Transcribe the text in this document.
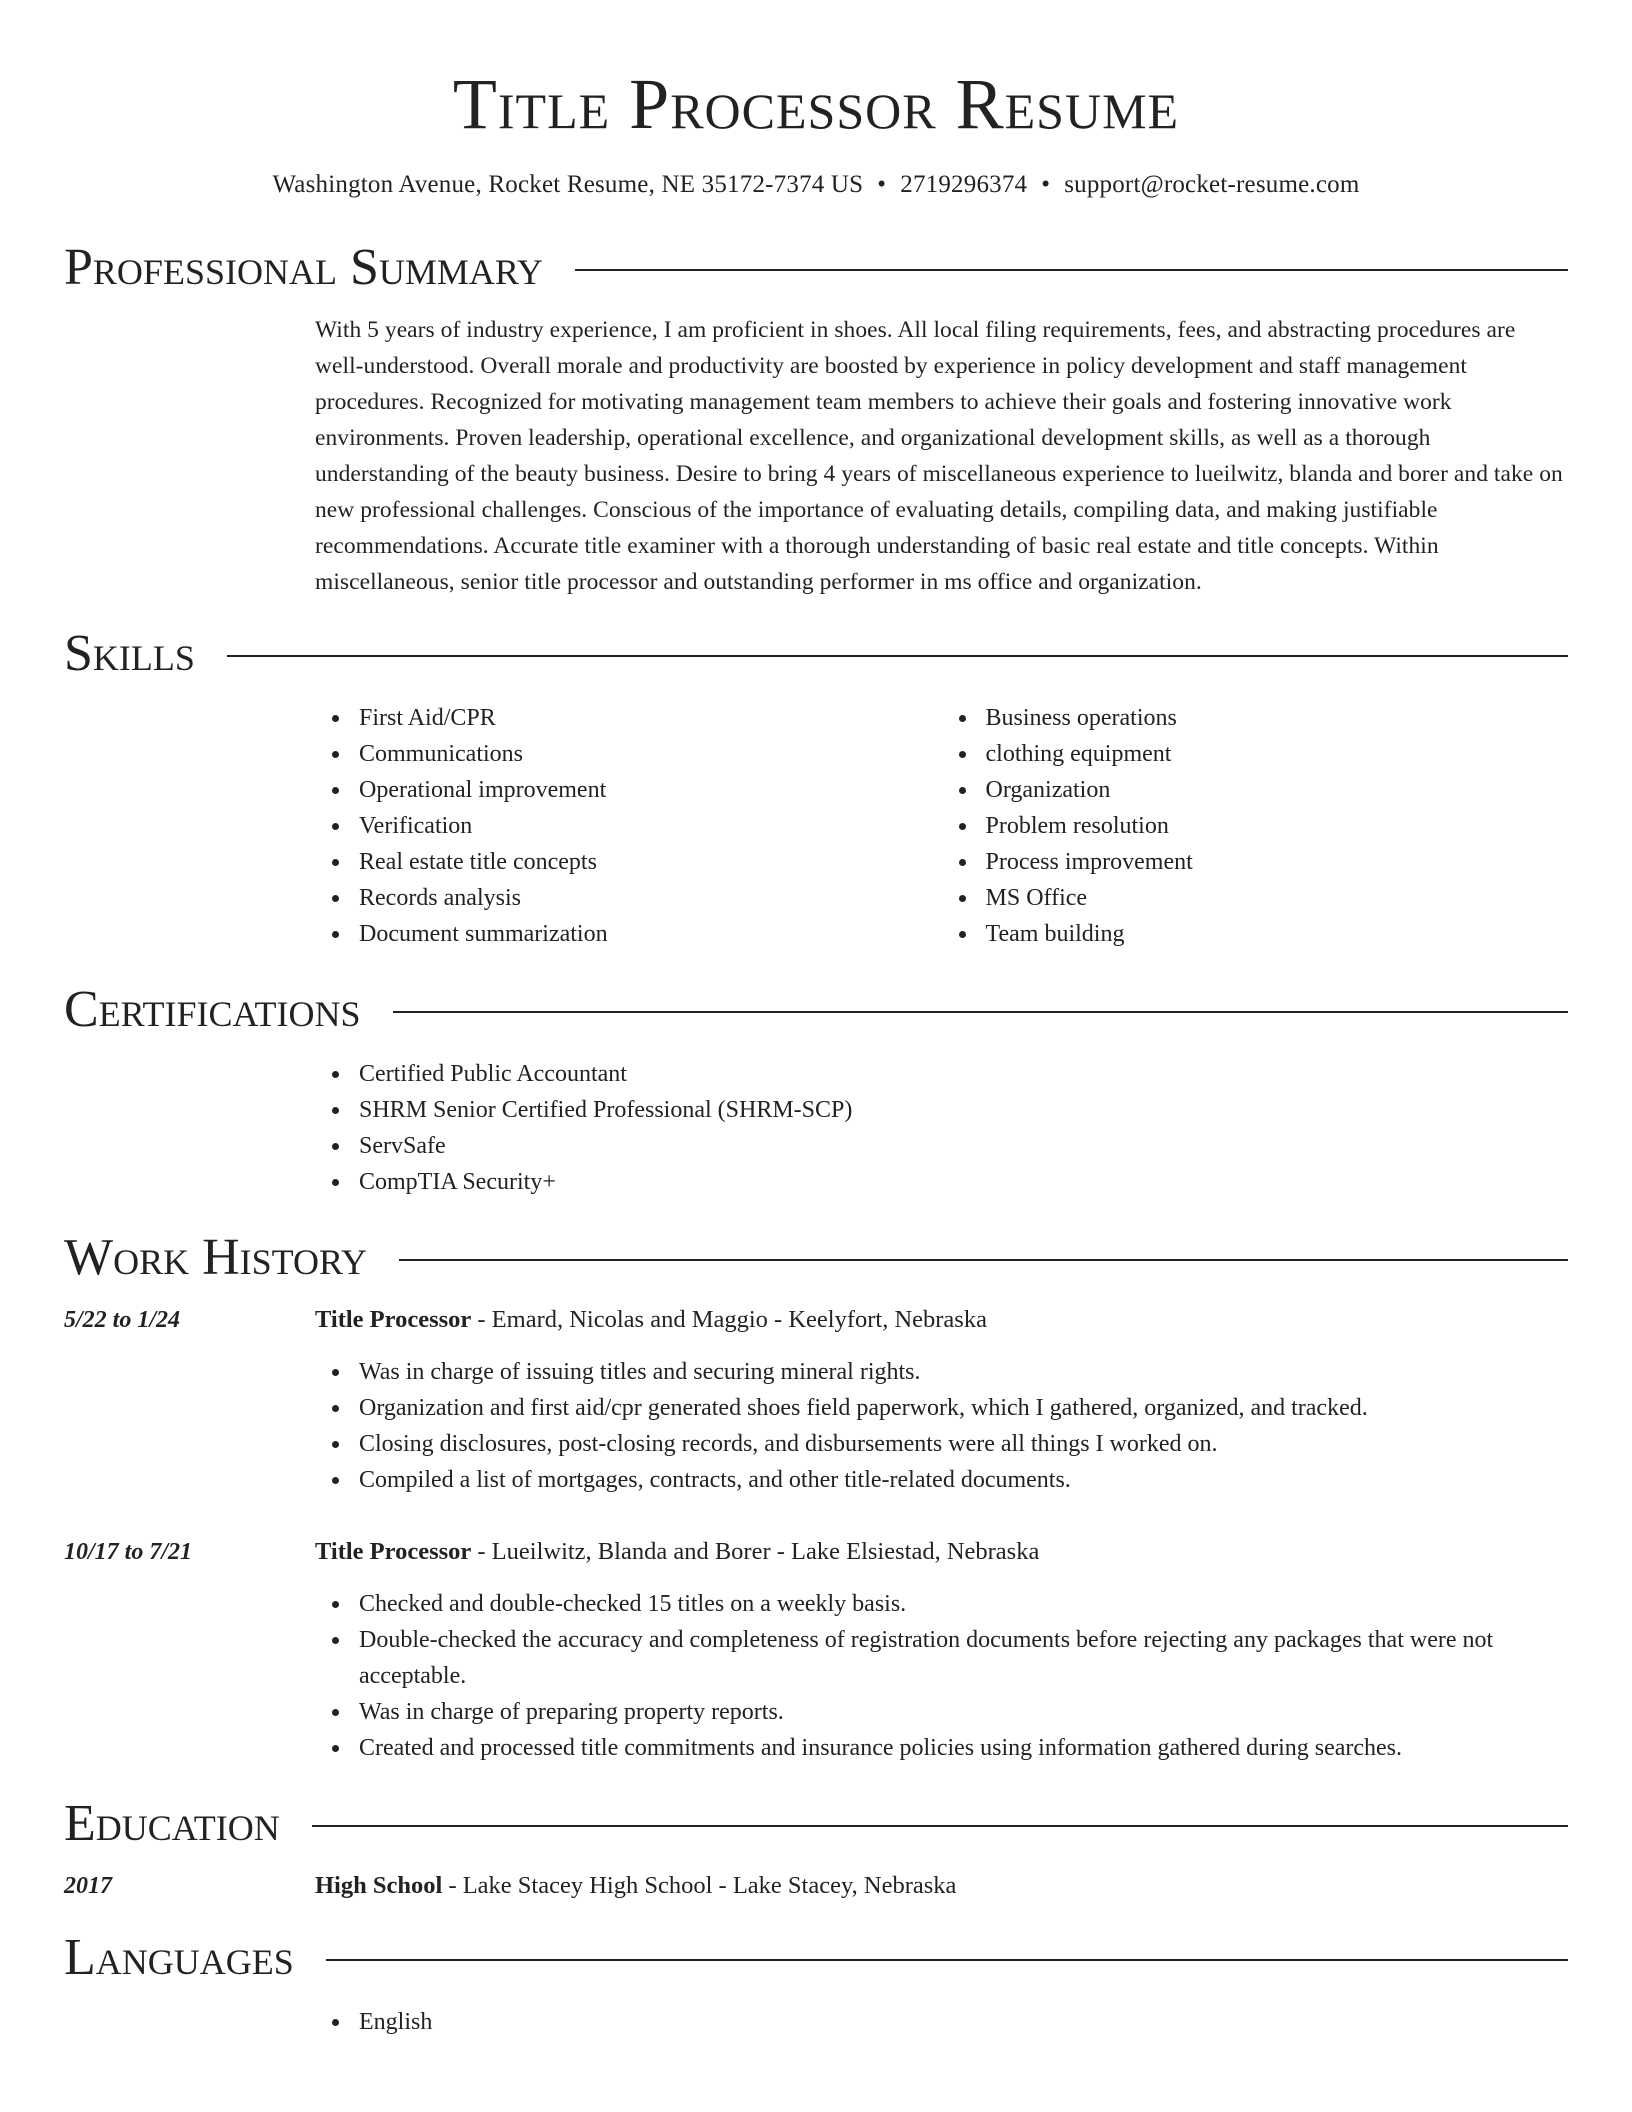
Title Processor Resume
Washington Avenue, Rocket Resume, NE 35172-7374 US • 2719296374 • support@rocket-resume.com
Professional Summary

With 5 years of industry experience, I am proficient in shoes. All local filing requirements, fees, and abstracting procedures are well-understood. Overall morale and productivity are boosted by experience in policy development and staff management procedures. Recognized for motivating management team members to achieve their goals and fostering innovative work environments. Proven leadership, operational excellence, and organizational development skills, as well as a thorough understanding of the beauty business. Desire to bring 4 years of miscellaneous experience to lueilwitz, blanda and borer and take on new professional challenges. Conscious of the importance of evaluating details, compiling data, and making justifiable recommendations. Accurate title examiner with a thorough understanding of basic real estate and title concepts. Within miscellaneous, senior title processor and outstanding performer in ms office and organization.

Skills
First Aid/CPR
Communications
Operational improvement
Verification
Real estate title concepts
Records analysis
Document summarization
Business operations
clothing equipment
Organization
Problem resolution
Process improvement
MS Office
Team building
Certifications
Certified Public Accountant
SHRM Senior Certified Professional (SHRM-SCP)
ServSafe
CompTIA Security+
Work History
5/22 to 1/24	Title Processor - Emard, Nicolas and Maggio - Keelyfort, Nebraska
Was in charge of issuing titles and securing mineral rights.
Organization and first aid/cpr generated shoes field paperwork, which I gathered, organized, and tracked.
Closing disclosures, post-closing records, and disbursements were all things I worked on.
Compiled a list of mortgages, contracts, and other title-related documents.
10/17 to 7/21	Title Processor - Lueilwitz, Blanda and Borer - Lake Elsiestad, Nebraska
Checked and double-checked 15 titles on a weekly basis.
Double-checked the accuracy and completeness of registration documents before rejecting any packages that were not acceptable.
Was in charge of preparing property reports.
Created and processed title commitments and insurance policies using information gathered during searches.
Education
2017	High School - Lake Stacey High School - Lake Stacey, Nebraska
Languages
English
